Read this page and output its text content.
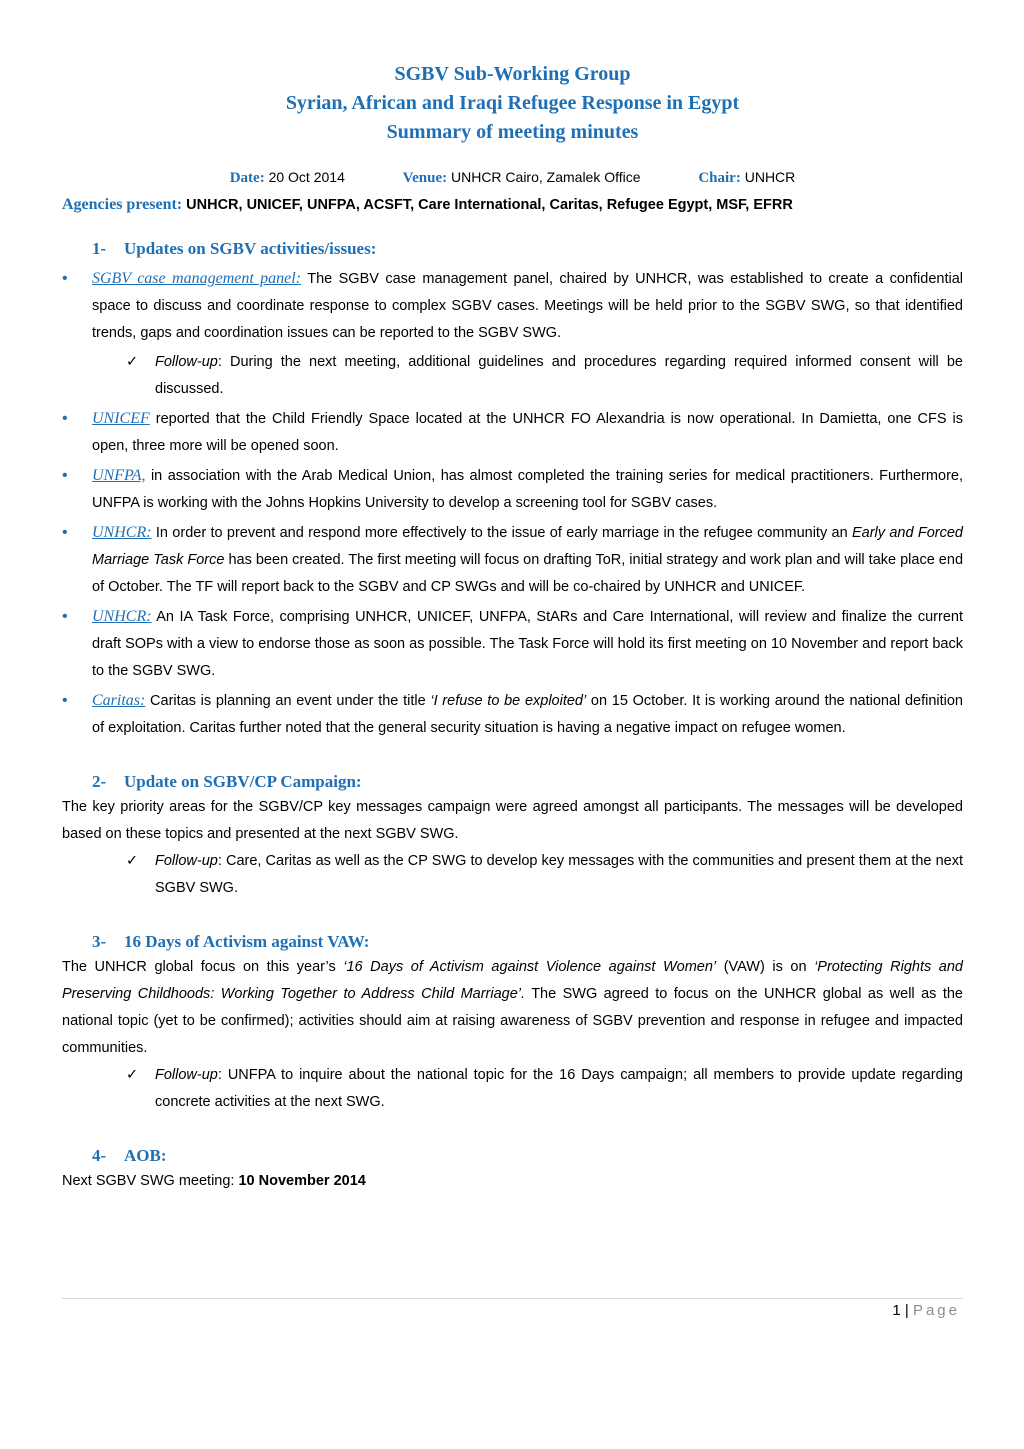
SGBV Sub-Working Group
Syrian, African and Iraqi Refugee Response in Egypt
Summary of meeting minutes
Date: 20 Oct 2014	Venue: UNHCR Cairo, Zamalek Office	Chair: UNHCR
Agencies present: UNHCR, UNICEF, UNFPA, ACSFT, Care International, Caritas, Refugee Egypt, MSF, EFRR
1- Updates on SGBV activities/issues:
• SGBV case management panel: The SGBV case management panel, chaired by UNHCR, was established to create a confidential space to discuss and coordinate response to complex SGBV cases. Meetings will be held prior to the SGBV SWG, so that identified trends, gaps and coordination issues can be reported to the SGBV SWG.
✓ Follow-up: During the next meeting, additional guidelines and procedures regarding required informed consent will be discussed.
• UNICEF reported that the Child Friendly Space located at the UNHCR FO Alexandria is now operational. In Damietta, one CFS is open, three more will be opened soon.
• UNFPA, in association with the Arab Medical Union, has almost completed the training series for medical practitioners. Furthermore, UNFPA is working with the Johns Hopkins University to develop a screening tool for SGBV cases.
• UNHCR: In order to prevent and respond more effectively to the issue of early marriage in the refugee community an Early and Forced Marriage Task Force has been created. The first meeting will focus on drafting ToR, initial strategy and work plan and will take place end of October. The TF will report back to the SGBV and CP SWGs and will be co-chaired by UNHCR and UNICEF.
• UNHCR: An IA Task Force, comprising UNHCR, UNICEF, UNFPA, StARs and Care International, will review and finalize the current draft SOPs with a view to endorse those as soon as possible. The Task Force will hold its first meeting on 10 November and report back to the SGBV SWG.
• Caritas: Caritas is planning an event under the title ‘I refuse to be exploited’ on 15 October. It is working around the national definition of exploitation. Caritas further noted that the general security situation is having a negative impact on refugee women.
2- Update on SGBV/CP Campaign:

The key priority areas for the SGBV/CP key messages campaign were agreed amongst all participants. The messages will be developed based on these topics and presented at the next SGBV SWG.

✓ Follow-up: Care, Caritas as well as the CP SWG to develop key messages with the communities and present them at the next SGBV SWG.
3- 16 Days of Activism against VAW:

The UNHCR global focus on this year’s ‘16 Days of Activism against Violence against Women’ (VAW) is on ‘Protecting Rights and Preserving Childhoods: Working Together to Address Child Marriage’. The SWG agreed to focus on the UNHCR global as well as the national topic (yet to be confirmed); activities should aim at raising awareness of SGBV prevention and response in refugee and impacted communities.

✓ Follow-up: UNFPA to inquire about the national topic for the 16 Days campaign; all members to provide update regarding concrete activities at the next SWG.
4- AOB:

Next SGBV SWG meeting: 10 November 2014

1 | Page
